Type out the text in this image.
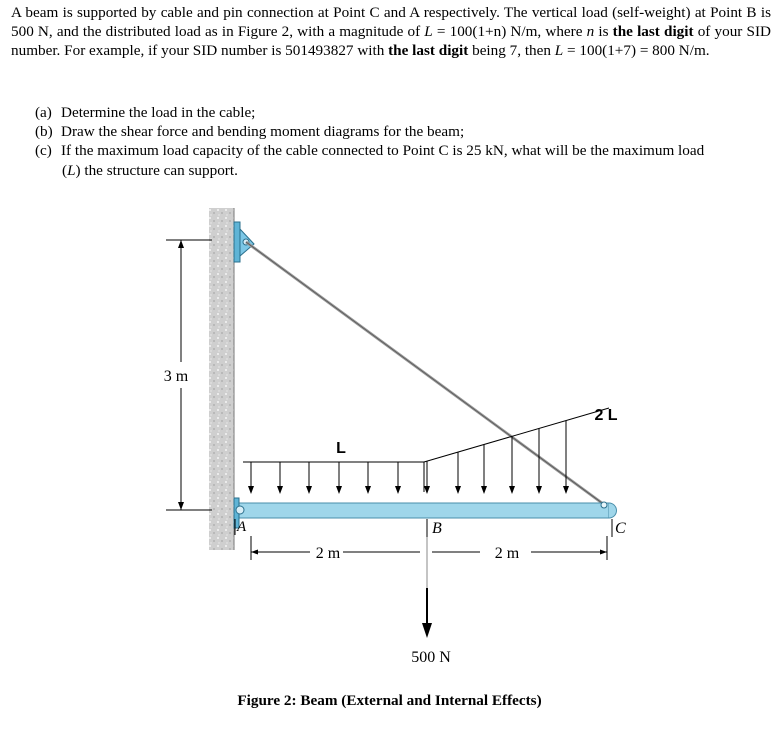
A beam is supported by cable and pin connection at Point C and A respectively. The vertical load (self-weight) at Point B is 500 N, and the distributed load as in Figure 2, with a magnitude of L = 100(1+n) N/m, where n is the last digit of your SID number. For example, if your SID number is 501493827 with the last digit being 7, then L = 100(1+7) = 800 N/m.
(a) Determine the load in the cable;
(b) Draw the shear force and bending moment diagrams for the beam;
(c) If the maximum load capacity of the cable connected to Point C is 25 kN, what will be the maximum load
(L) the structure can support.
3 m
L
2 L
A	B	C
2 m	2 m
500 N
Figure 2: Beam (External and Internal Effects)
